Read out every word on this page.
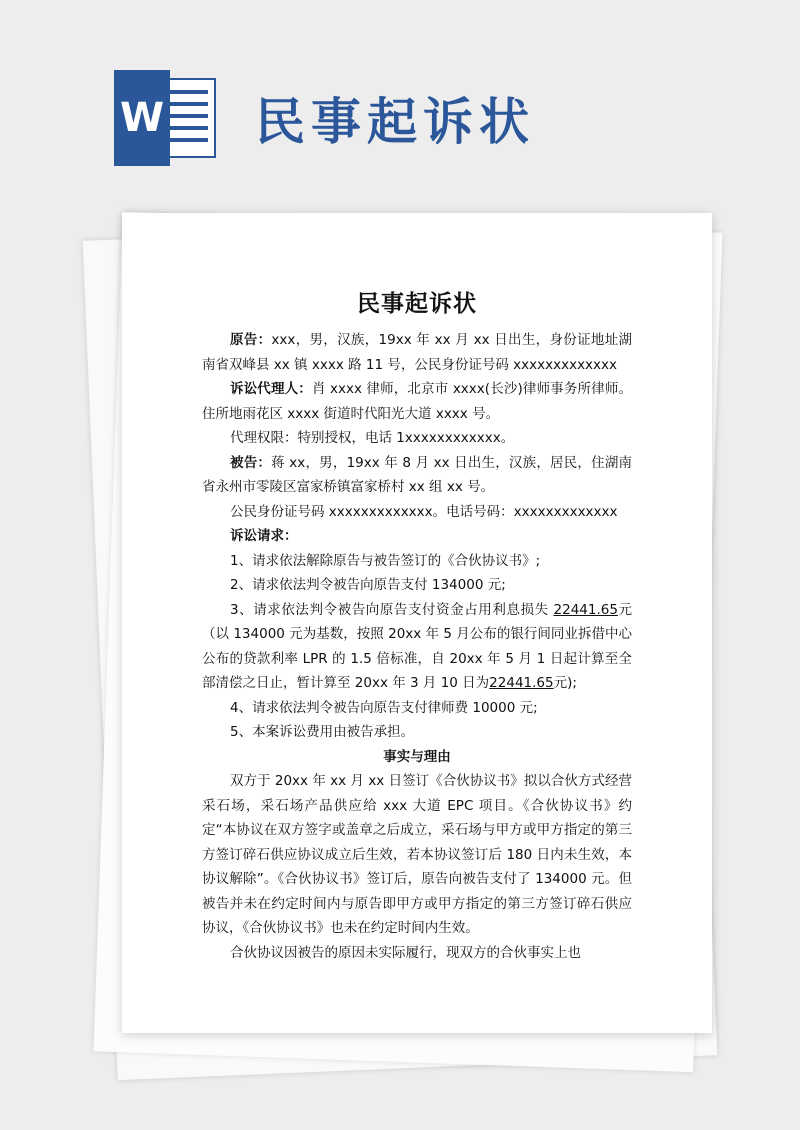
W 民事起诉状
民事起诉状

原告：xxx，男，汉族，19xx 年 xx 月 xx 日出生，身份证地址湖南省双峰县 xx 镇 xxxx 路 11 号，公民身份证号码 xxxxxxxxxxxxx

诉讼代理人：肖 xxxx 律师，北京市 xxxx(长沙)律师事务所律师。住所地雨花区 xxxx 街道时代阳光大道 xxxx 号。

代理权限：特别授权，电话 1xxxxxxxxxxxx。

被告：蒋 xx，男，19xx 年 8 月 xx 日出生，汉族，居民，住湖南省永州市零陵区富家桥镇富家桥村 xx 组 xx 号。

公民身份证号码 xxxxxxxxxxxxx。电话号码：xxxxxxxxxxxxx

诉讼请求：

1、请求依法解除原告与被告签订的《合伙协议书》;

2、请求依法判令被告向原告支付 134000 元;

3、请求依法判令被告向原告支付资金占用利息损失 22441.65元（以 134000 元为基数，按照 20xx 年 5 月公布的银行间同业拆借中心公布的贷款利率 LPR 的 1.5 倍标准，自 20xx 年 5 月 1 日起计算至全部清偿之日止，暂计算至 20xx 年 3 月 10 日为22441.65元);

4、请求依法判令被告向原告支付律师费 10000 元;

5、本案诉讼费用由被告承担。

事实与理由

双方于 20xx 年 xx 月 xx 日签订《合伙协议书》拟以合伙方式经营采石场，采石场产品供应给 xxx 大道 EPC 项目。《合伙协议书》约定“本协议在双方签字或盖章之后成立，采石场与甲方或甲方指定的第三方签订碎石供应协议成立后生效，若本协议签订后 180 日内未生效，本协议解除”。《合伙协议书》签订后，原告向被告支付了 134000 元。但被告并未在约定时间内与原告即甲方或甲方指定的第三方签订碎石供应协议，《合伙协议书》也未在约定时间内生效。

合伙协议因被告的原因未实际履行，现双方的合伙事实上也
